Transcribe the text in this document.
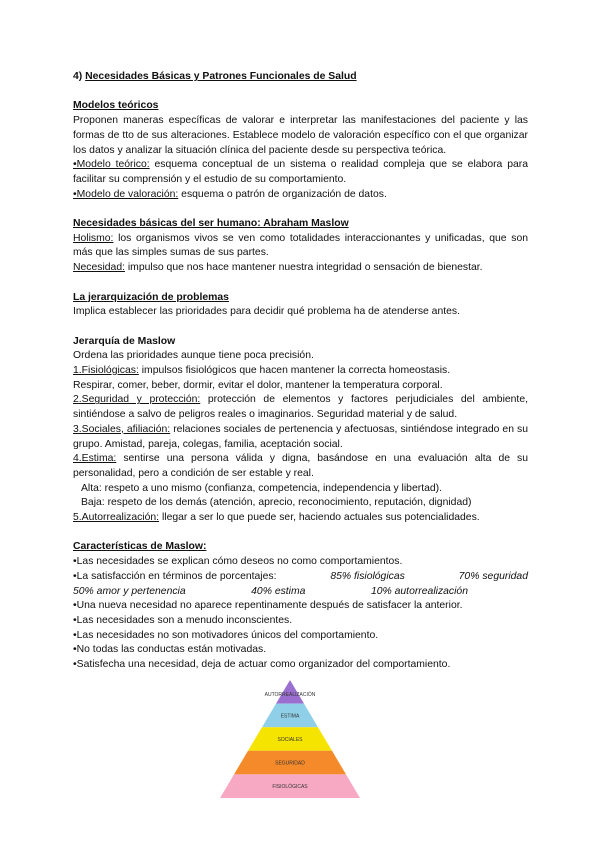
4) Necesidades Básicas y Patrones Funcionales de Salud

Modelos teóricos

Proponen maneras específicas de valorar e interpretar las manifestaciones del paciente y las formas de tto de sus alteraciones. Establece modelo de valoración específico con el que organizar los datos y analizar la situación clínica del paciente desde su perspectiva teórica.

•Modelo teórico: esquema conceptual de un sistema o realidad compleja que se elabora para facilitar su comprensión y el estudio de su comportamiento.

•Modelo de valoración: esquema o patrón de organización de datos.

Necesidades básicas del ser humano: Abraham Maslow

Holismo: los organismos vivos se ven como totalidades interaccionantes y unificadas, que son más que las simples sumas de sus partes.

Necesidad: impulso que nos hace mantener nuestra integridad o sensación de bienestar.

La jerarquización de problemas

Implica establecer las prioridades para decidir qué problema ha de atenderse antes.

Jerarquía de Maslow

Ordena las prioridades aunque tiene poca precisión.

1.Fisiológicas: impulsos fisiológicos que hacen mantener la correcta homeostasis.

Respirar, comer, beber, dormir, evitar el dolor, mantener la temperatura corporal.

2.Seguridad y protección: protección de elementos y factores perjudiciales del ambiente, sintiéndose a salvo de peligros reales o imaginarios. Seguridad material y de salud.

3.Sociales, afiliación: relaciones sociales de pertenencia y afectuosas, sintiéndose integrado en su grupo. Amistad, pareja, colegas, familia, aceptación social.

4.Estima: sentirse una persona válida y digna, basándose en una evaluación alta de su personalidad, pero a condición de ser estable y real.

Alta: respeto a uno mismo (confianza, competencia, independencia y libertad).

Baja: respeto de los demás (atención, aprecio, reconocimiento, reputación, dignidad)

5.Autorrealización: llegar a ser lo que puede ser, haciendo actuales sus potencialidades.

Características de Maslow:

•Las necesidades se explican cómo deseos no como comportamientos.

•La satisfacción en términos de porcentajes:	85% fisiológicas	70% seguridad
50% amor y pertenencia	40% estima	10% autorrealización

•Una nueva necesidad no aparece repentinamente después de satisfacer la anterior.

•Las necesidades son a menudo inconscientes.

•Las necesidades no son motivadores únicos del comportamiento.

•No todas las conductas están motivadas.

•Satisfecha una necesidad, deja de actuar como organizador del comportamiento.

AUTORREALIZACIÓN
ESTIMA
SOCIALES
SEGURIDAD
FISIOLÓGICAS
